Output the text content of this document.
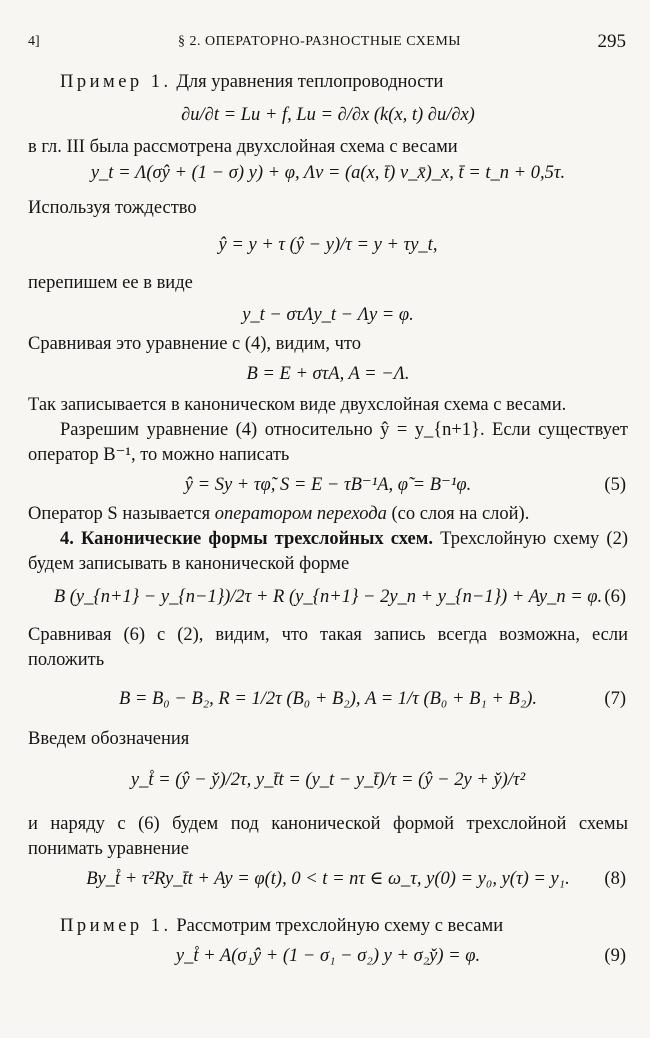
4]	§ 2. ОПЕРАТОРНО-РАЗНОСТНЫЕ СХЕМЫ	295

Пример 1. Для уравнения теплопроводности

∂u/∂t = Lu + f, Lu = ∂/∂x (k(x, t) ∂u/∂x)

в гл. III была рассмотрена двухслойная схема с весами

y_t = Λ(σŷ + (1 − σ) y) + φ, Λv = (a(x, t̄) v_x̄)_x, t̄ = t_n + 0,5τ.

Используя тождество

ŷ = y + τ (ŷ − y)/τ = y + τy_t,

перепишем ее в виде

y_t − στΛy_t − Λy = φ.

Сравнивая это уравнение с (4), видим, что

B = E + στA, A = −Λ.

Так записывается в каноническом виде двухслойная схема с весами.

Разрешим уравнение (4) относительно ŷ = y_{n+1}. Если существует оператор B⁻¹, то можно написать

ŷ = Sy + τφ̃, S = E − τB⁻¹A, φ̃ = B⁻¹φ.	(5)

Оператор S называется оператором перехода (со слоя на слой).

4. Канонические формы трехслойных схем. Трехслойную схему (2) будем записывать в канонической форме

B (y_{n+1} − y_{n−1})/2τ + R (y_{n+1} − 2y_n + y_{n−1}) + Ay_n = φ. (6)

Сравнивая (6) с (2), видим, что такая запись всегда возможна, если положить

B = B₀ − B₂, R = 1/2τ (B₀ + B₂), A = 1/τ (B₀ + B₁ + B₂).	(7)

Введем обозначения

y_t̊ = (ŷ − y̌)/2τ, y_t̄t = (y_t − y_t̄)/τ = (ŷ − 2y + y̌)/τ²

и наряду с (6) будем под канонической формой трехслойной схемы понимать уравнение

By_t̊ + τ²Ry_t̄t + Ay = φ(t), 0 < t = nτ ∈ ω_τ, y(0) = y₀, y(τ) = y₁. (8)

Пример 1. Рассмотрим трехслойную схему с весами

y_t̊ + A(σ₁ŷ + (1 − σ₁ − σ₂) y + σ₂y̌) = φ.	(9)
